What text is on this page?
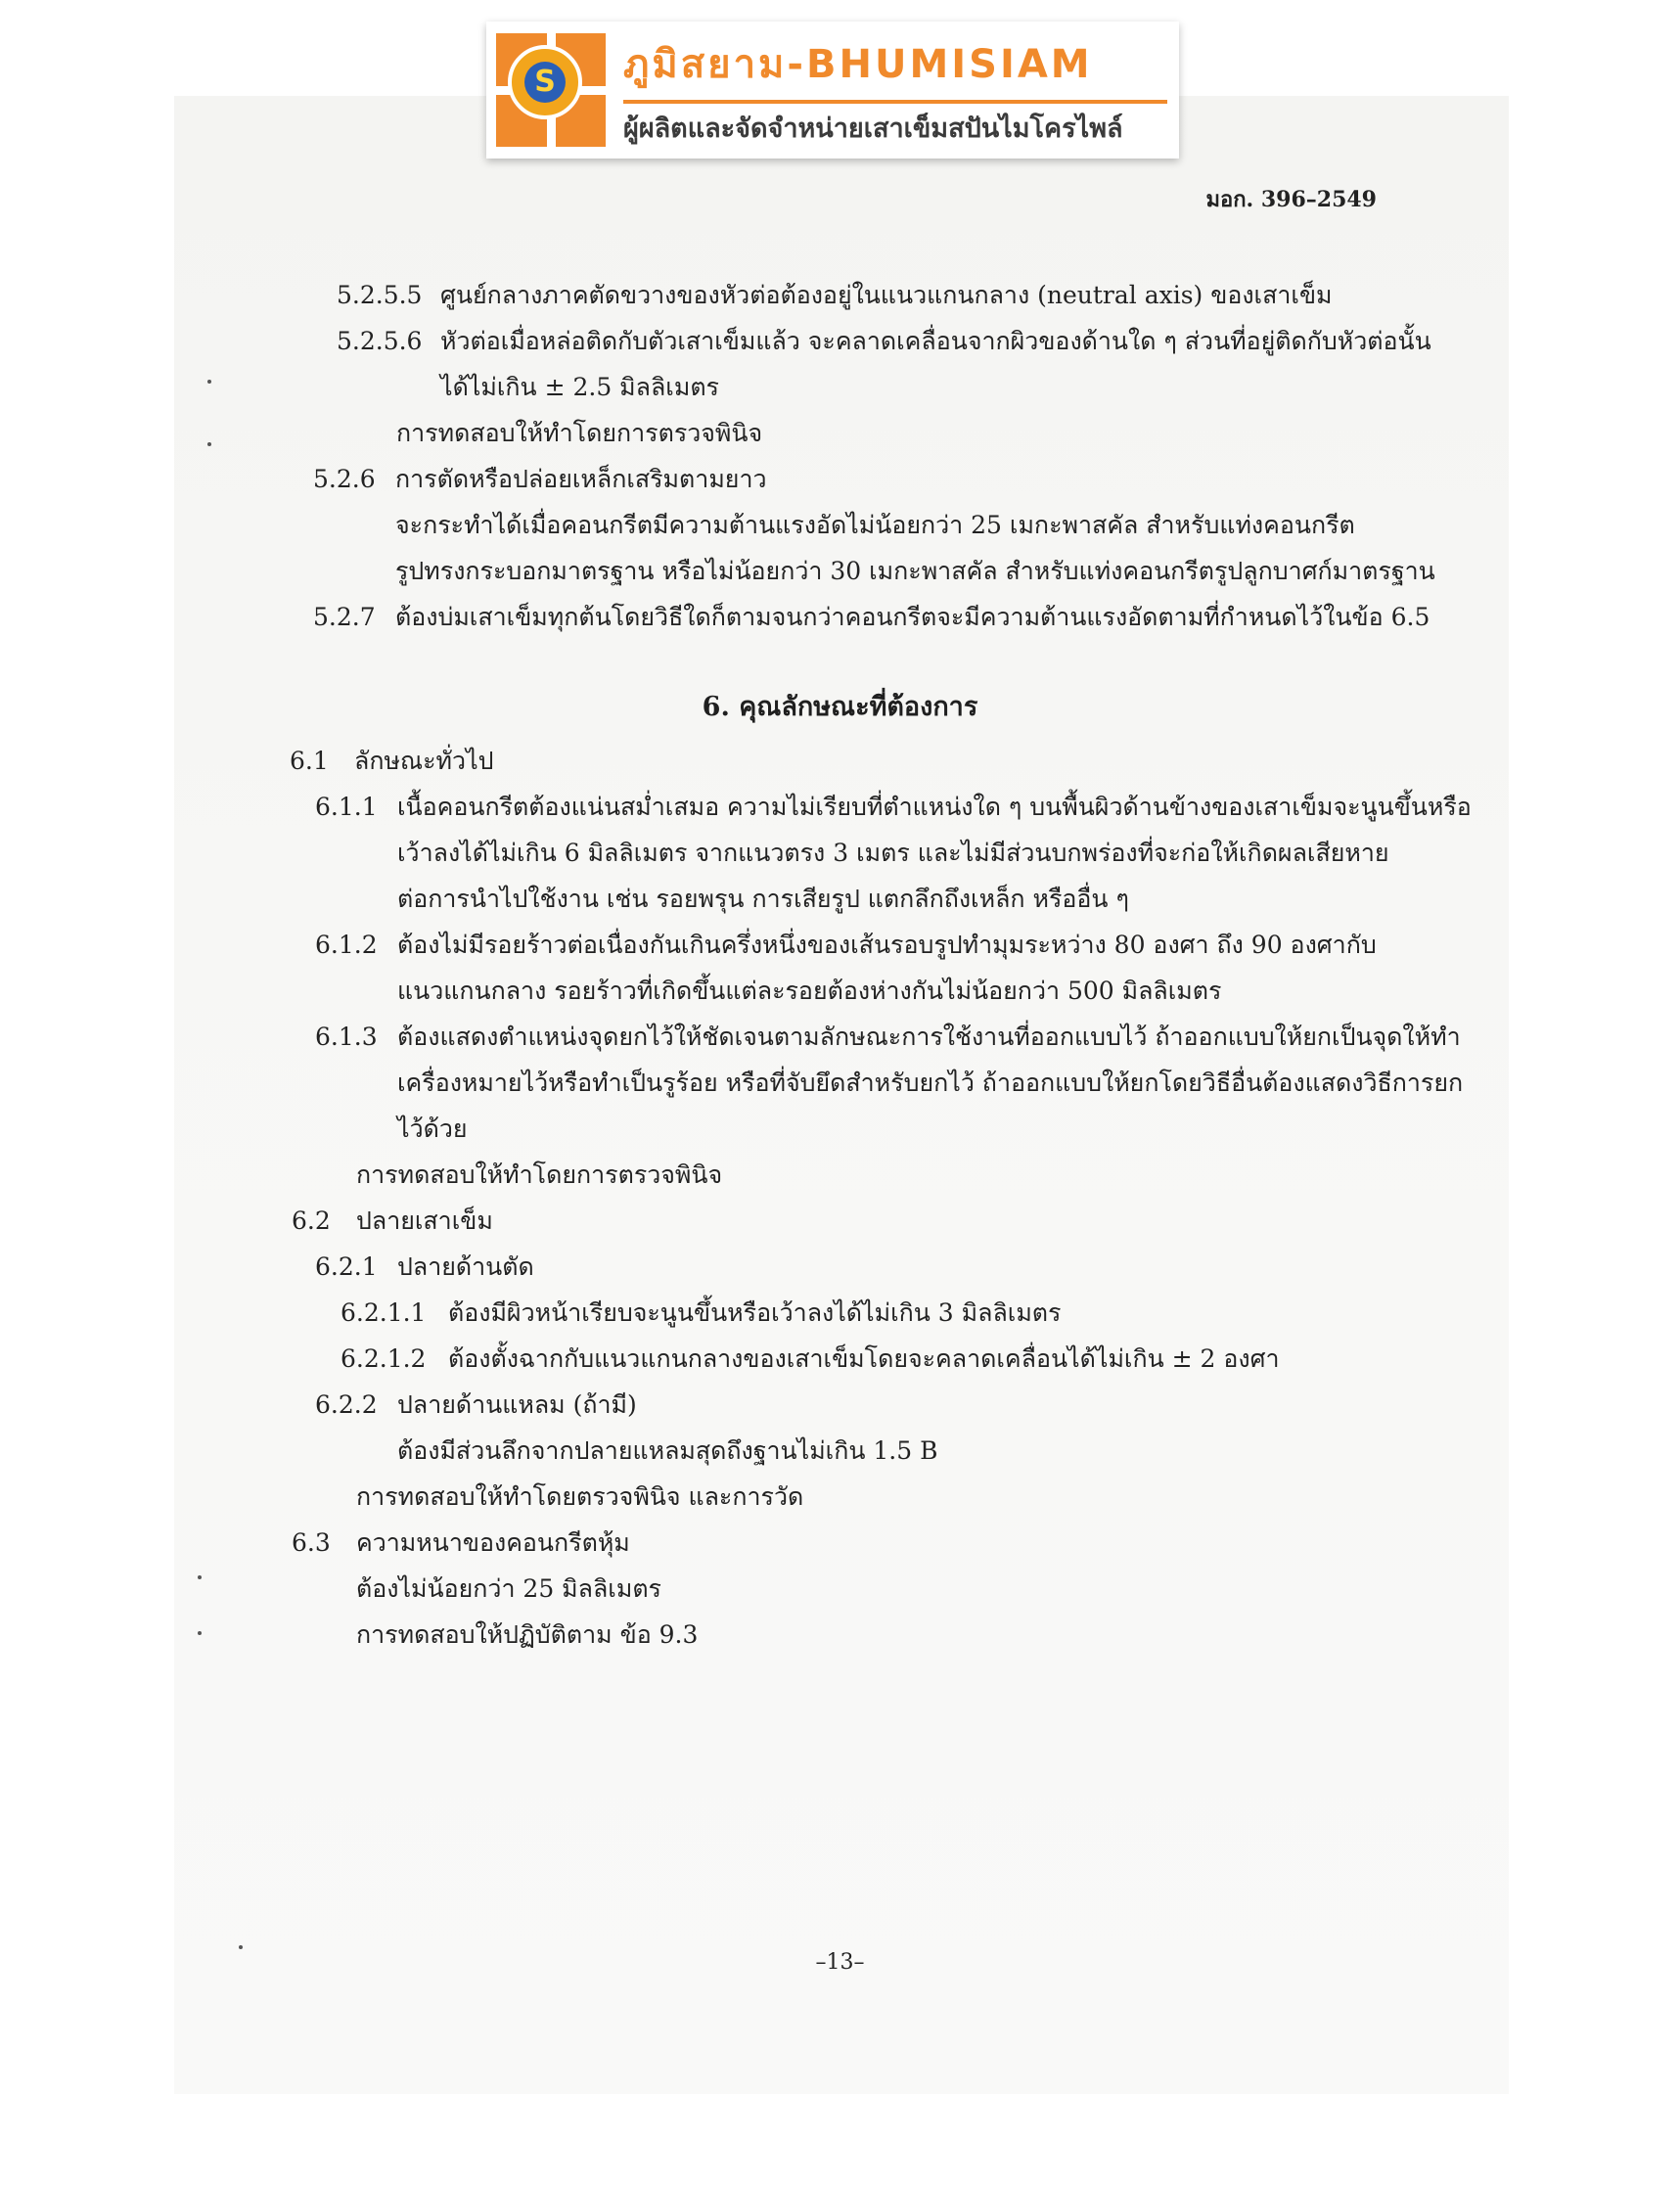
S ภูมิสยาม-BHUMISIAM
ผู้ผลิตและจัดจำหน่ายเสาเข็มสปันไมโครไพล์
มอก. 396–2549
5.2.5.5 ศูนย์กลางภาคตัดขวางของหัวต่อต้องอยู่ในแนวแกนกลาง (neutral axis) ของเสาเข็ม
5.2.5.6 หัวต่อเมื่อหล่อติดกับตัวเสาเข็มแล้ว จะคลาดเคลื่อนจากผิวของด้านใด ๆ ส่วนที่อยู่ติดกับหัวต่อนั้น
ได้ไม่เกิน ± 2.5 มิลลิเมตร
การทดสอบให้ทำโดยการตรวจพินิจ
5.2.6 การตัดหรือปล่อยเหล็กเสริมตามยาว
จะกระทำได้เมื่อคอนกรีตมีความต้านแรงอัดไม่น้อยกว่า 25 เมกะพาสคัล สำหรับแท่งคอนกรีต
รูปทรงกระบอกมาตรฐาน หรือไม่น้อยกว่า 30 เมกะพาสคัล สำหรับแท่งคอนกรีตรูปลูกบาศก์มาตรฐาน
5.2.7 ต้องบ่มเสาเข็มทุกต้นโดยวิธีใดก็ตามจนกว่าคอนกรีตจะมีความต้านแรงอัดตามที่กำหนดไว้ในข้อ 6.5
6. คุณลักษณะที่ต้องการ
6.1 ลักษณะทั่วไป
6.1.1 เนื้อคอนกรีตต้องแน่นสม่ำเสมอ ความไม่เรียบที่ตำแหน่งใด ๆ บนพื้นผิวด้านข้างของเสาเข็มจะนูนขึ้นหรือ
เว้าลงได้ไม่เกิน 6 มิลลิเมตร จากแนวตรง 3 เมตร และไม่มีส่วนบกพร่องที่จะก่อให้เกิดผลเสียหาย
ต่อการนำไปใช้งาน เช่น รอยพรุน การเสียรูป แตกลึกถึงเหล็ก หรืออื่น ๆ
6.1.2 ต้องไม่มีรอยร้าวต่อเนื่องกันเกินครึ่งหนึ่งของเส้นรอบรูปทำมุมระหว่าง 80 องศา ถึง 90 องศากับ
แนวแกนกลาง รอยร้าวที่เกิดขึ้นแต่ละรอยต้องห่างกันไม่น้อยกว่า 500 มิลลิเมตร
6.1.3 ต้องแสดงตำแหน่งจุดยกไว้ให้ชัดเจนตามลักษณะการใช้งานที่ออกแบบไว้ ถ้าออกแบบให้ยกเป็นจุดให้ทำ
เครื่องหมายไว้หรือทำเป็นรูร้อย หรือที่จับยึดสำหรับยกไว้ ถ้าออกแบบให้ยกโดยวิธีอื่นต้องแสดงวิธีการยก
ไว้ด้วย
การทดสอบให้ทำโดยการตรวจพินิจ
6.2 ปลายเสาเข็ม
6.2.1 ปลายด้านตัด
6.2.1.1 ต้องมีผิวหน้าเรียบจะนูนขึ้นหรือเว้าลงได้ไม่เกิน 3 มิลลิเมตร
6.2.1.2 ต้องตั้งฉากกับแนวแกนกลางของเสาเข็มโดยจะคลาดเคลื่อนได้ไม่เกิน ± 2 องศา
6.2.2 ปลายด้านแหลม (ถ้ามี)
ต้องมีส่วนลึกจากปลายแหลมสุดถึงฐานไม่เกิน 1.5 B
การทดสอบให้ทำโดยตรวจพินิจ และการวัด
6.3 ความหนาของคอนกรีตหุ้ม
ต้องไม่น้อยกว่า 25 มิลลิเมตร
การทดสอบให้ปฏิบัติตาม ข้อ 9.3
–13–
